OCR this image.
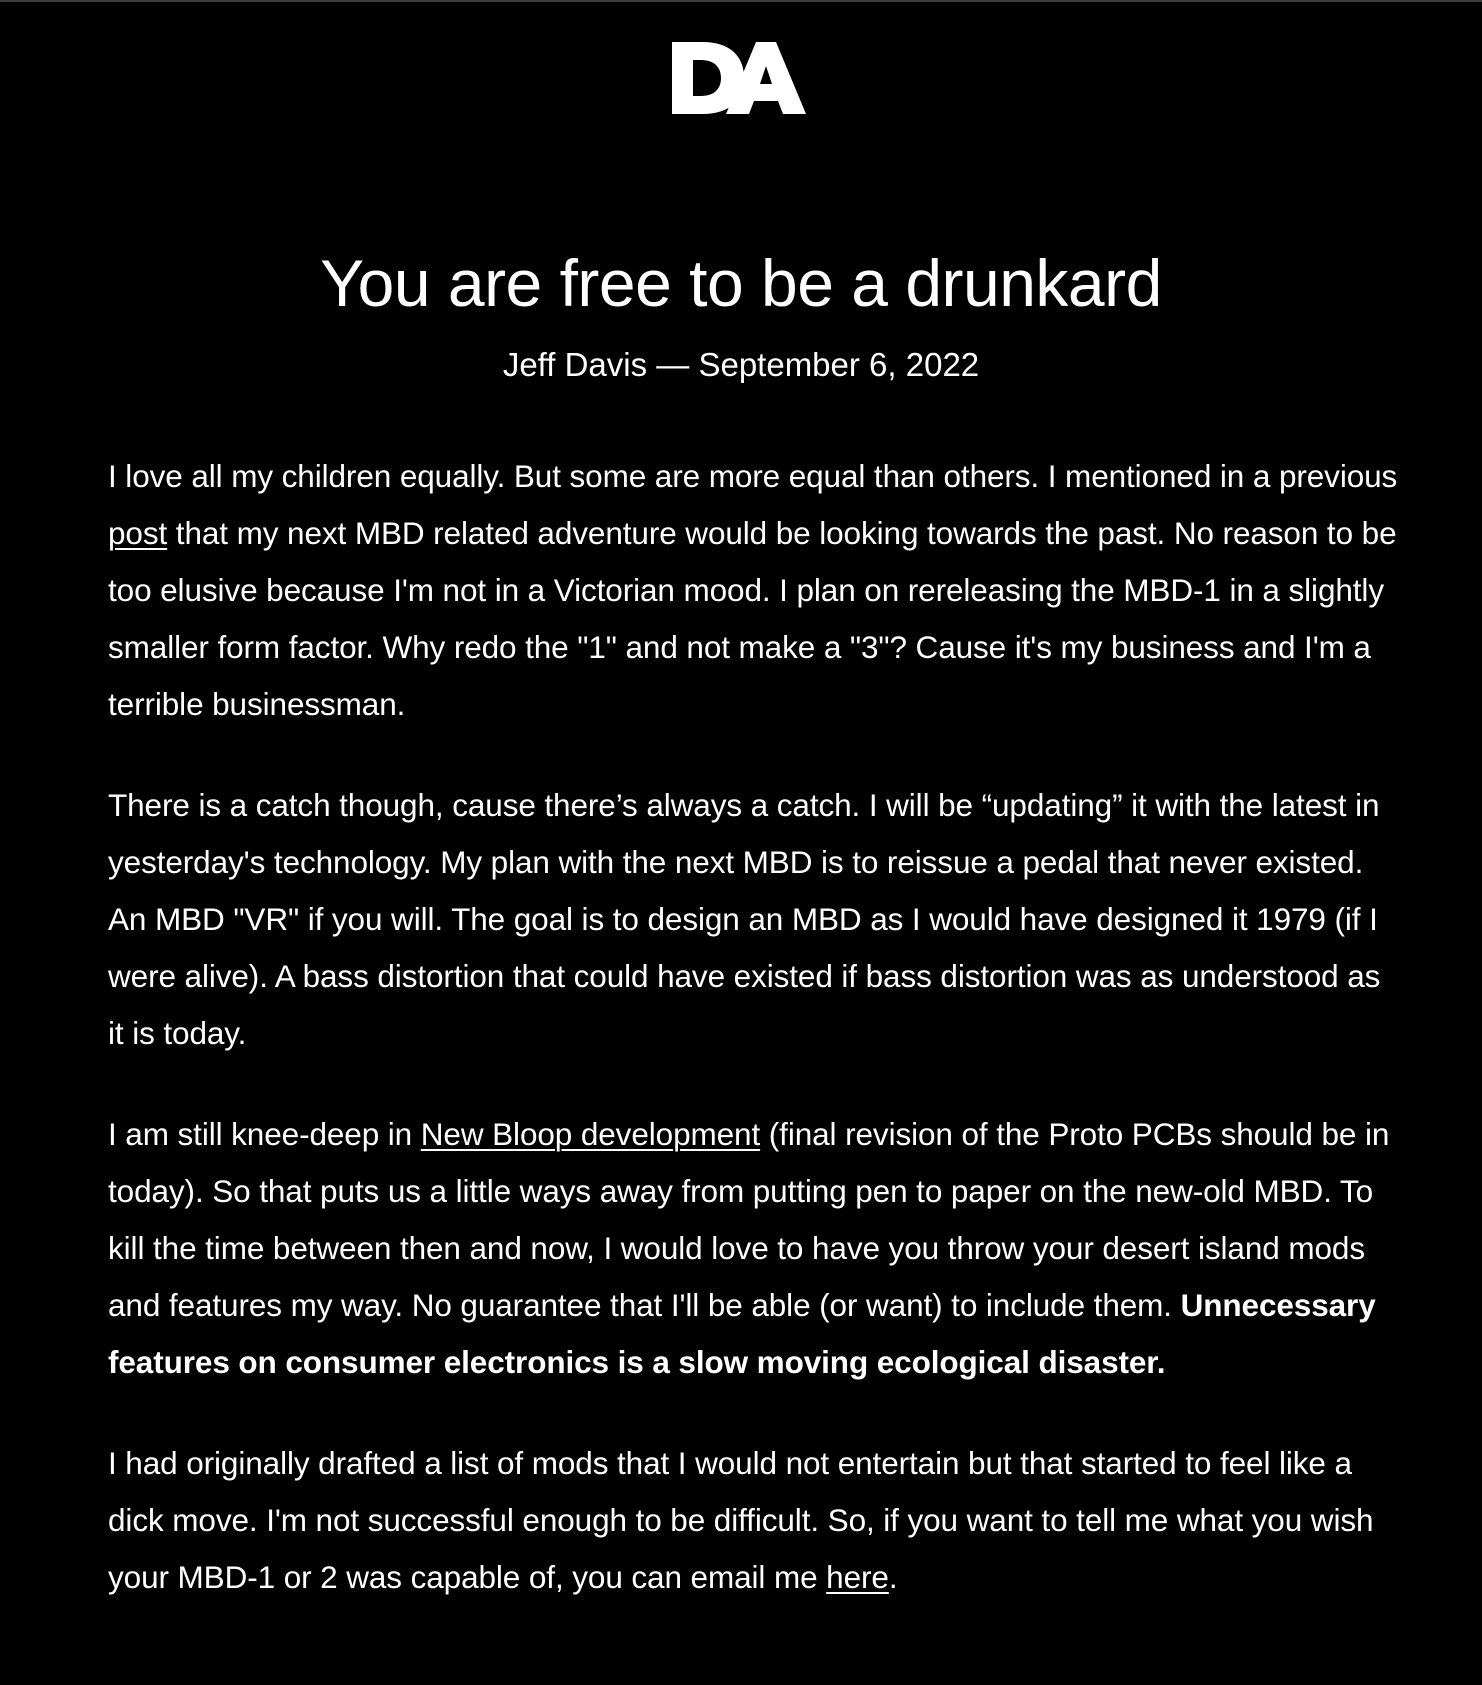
You are free to be a drunkard
Jeff Davis — September 6, 2022

I love all my children equally. But some are more equal than others. I mentioned in a previous post that my next MBD related adventure would be looking towards the past. No reason to be too elusive because I'm not in a Victorian mood. I plan on rereleasing the MBD-1 in a slightly smaller form factor. Why redo the "1" and not make a "3"? Cause it's my business and I'm a terrible businessman.

There is a catch though, cause there’s always a catch. I will be “updating” it with the latest in yesterday's technology. My plan with the next MBD is to reissue a pedal that never existed. An MBD "VR" if you will. The goal is to design an MBD as I would have designed it 1979 (if I were alive). A bass distortion that could have existed if bass distortion was as understood as it is today.

I am still knee-deep in New Bloop development (final revision of the Proto PCBs should be in today). So that puts us a little ways away from putting pen to paper on the new-old MBD. To kill the time between then and now, I would love to have you throw your desert island mods and features my way. No guarantee that I'll be able (or want) to include them. Unnecessary features on consumer electronics is a slow moving ecological disaster.

I had originally drafted a list of mods that I would not entertain but that started to feel like a dick move. I'm not successful enough to be difficult. So, if you want to tell me what you wish your MBD-1 or 2 was capable of, you can email me here.
